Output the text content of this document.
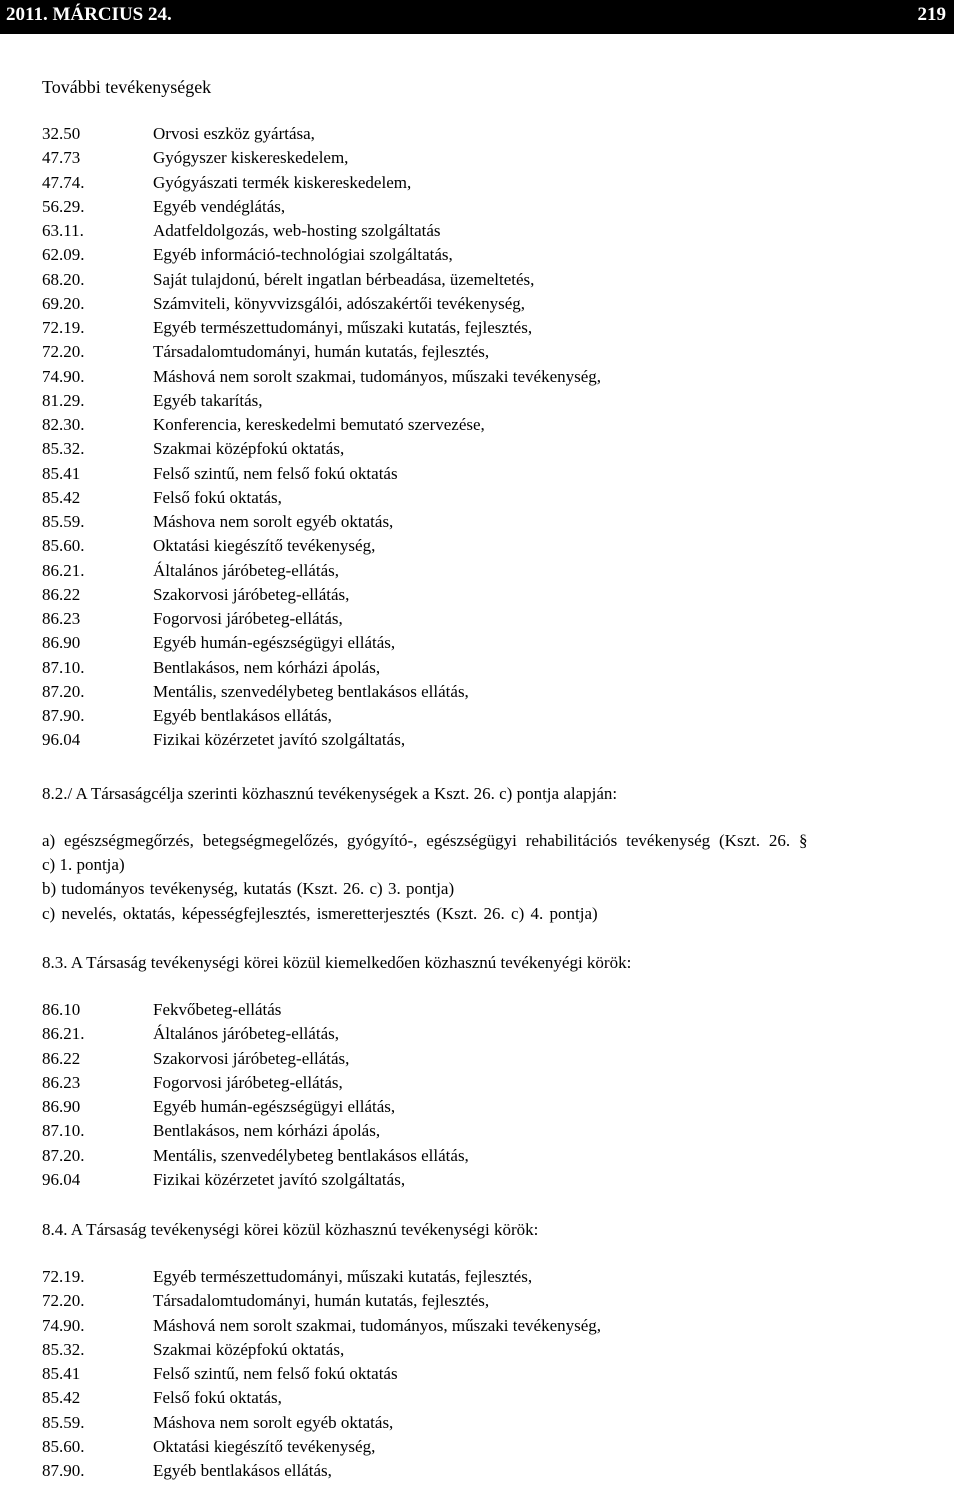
2011. MÁRCIUS 24.	219
További tevékenységek
32.50	Orvosi eszköz gyártása,
47.73	Gyógyszer kiskereskedelem,
47.74.	Gyógyászati termék kiskereskedelem,
56.29.	Egyéb vendéglátás,
63.11.	Adatfeldolgozás, web-hosting szolgáltatás
62.09.	Egyéb információ-technológiai szolgáltatás,
68.20.	Saját tulajdonú, bérelt ingatlan bérbeadása, üzemeltetés,
69.20.	Számviteli, könyvvizsgálói, adószakértői tevékenység,
72.19.	Egyéb természettudományi, műszaki kutatás, fejlesztés,
72.20.	Társadalomtudományi, humán kutatás, fejlesztés,
74.90.	Máshová nem sorolt szakmai, tudományos, műszaki tevékenység,
81.29.	Egyéb takarítás,
82.30.	Konferencia, kereskedelmi bemutató szervezése,
85.32.	Szakmai középfokú oktatás,
85.41	Felső szintű, nem felső fokú oktatás
85.42	Felső fokú oktatás,
85.59.	Máshova nem sorolt egyéb oktatás,
85.60.	Oktatási kiegészítő tevékenység,
86.21.	Általános járóbeteg-ellátás,
86.22	Szakorvosi járóbeteg-ellátás,
86.23	Fogorvosi járóbeteg-ellátás,
86.90	Egyéb humán-egészségügyi ellátás,
87.10.	Bentlakásos, nem kórházi ápolás,
87.20.	Mentális, szenvedélybeteg bentlakásos ellátás,
87.90.	Egyéb bentlakásos ellátás,
96.04	Fizikai közérzetet javító szolgáltatás,
8.2./ A Társaságcélja szerinti közhasznú tevékenységek a Kszt. 26. c) pontja alapján:
a) egészségmegőrzés, betegségmegelőzés, gyógyító-, egészségügyi rehabilitációs tevékenység (Kszt. 26. §
c) 1. pontja)
b) tudományos tevékenység, kutatás (Kszt. 26. c) 3. pontja)
c) nevelés, oktatás, képességfejlesztés, ismeretterjesztés (Kszt. 26. c) 4. pontja)
8.3. A Társaság tevékenységi körei közül kiemelkedően közhasznú tevékenyégi körök:
86.10	Fekvőbeteg-ellátás
86.21.	Általános járóbeteg-ellátás,
86.22	Szakorvosi járóbeteg-ellátás,
86.23	Fogorvosi járóbeteg-ellátás,
86.90	Egyéb humán-egészségügyi ellátás,
87.10.	Bentlakásos, nem kórházi ápolás,
87.20.	Mentális, szenvedélybeteg bentlakásos ellátás,
96.04	Fizikai közérzetet javító szolgáltatás,
8.4. A Társaság tevékenységi körei közül közhasznú tevékenységi körök:
72.19.	Egyéb természettudományi, műszaki kutatás, fejlesztés,
72.20.	Társadalomtudományi, humán kutatás, fejlesztés,
74.90.	Máshová nem sorolt szakmai, tudományos, műszaki tevékenység,
85.32.	Szakmai középfokú oktatás,
85.41	Felső szintű, nem felső fokú oktatás
85.42	Felső fokú oktatás,
85.59.	Máshova nem sorolt egyéb oktatás,
85.60.	Oktatási kiegészítő tevékenység,
87.90.	Egyéb bentlakásos ellátás,
